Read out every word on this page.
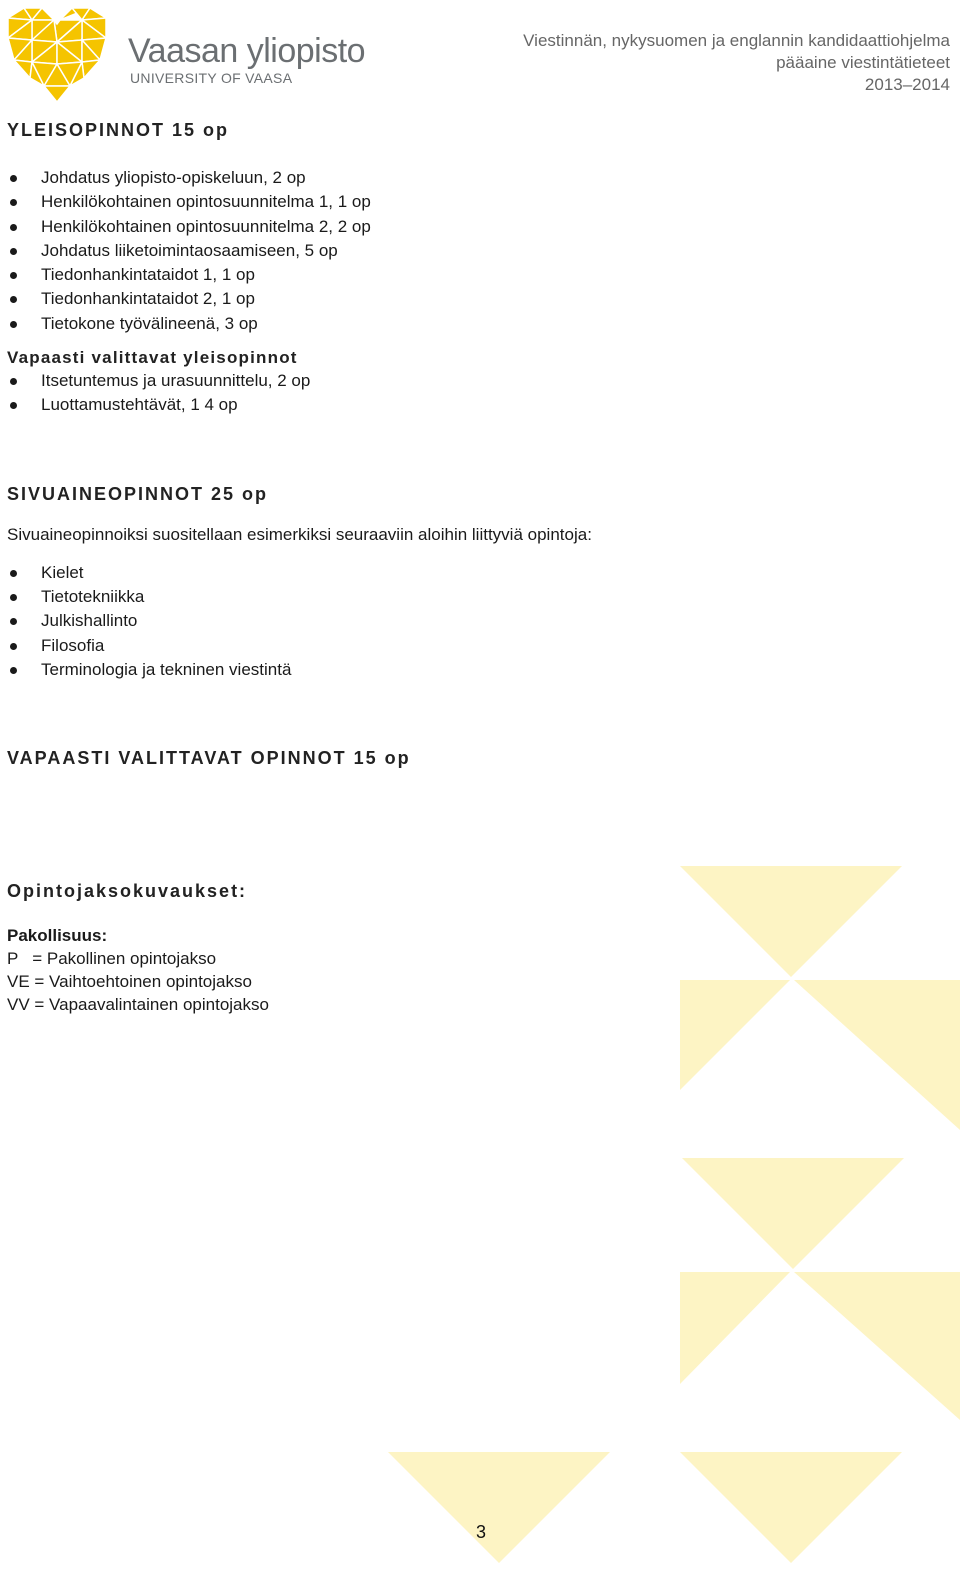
Vaasan yliopisto
UNIVERSITY OF VAASA
Viestinnän, nykysuomen ja englannin kandidaattiohjelma
pääaine viestintätieteet
2013–2014
YLEISOPINNOT 15 op
Johdatus yliopisto-opiskeluun, 2 op
Henkilökohtainen opintosuunnitelma 1, 1 op
Henkilökohtainen opintosuunnitelma 2, 2 op
Johdatus liiketoimintaosaamiseen, 5 op
Tiedonhankintataidot 1, 1 op
Tiedonhankintataidot 2, 1 op
Tietokone työvälineenä, 3 op
Vapaasti valittavat yleisopinnot
Itsetuntemus ja urasuunnittelu, 2 op
Luottamustehtävät, 1 4 op
SIVUAINEOPINNOT 25 op

Sivuaineopinnoiksi suositellaan esimerkiksi seuraaviin aloihin liittyviä opintoja:

Kielet
Tietotekniikka
Julkishallinto
Filosofia
Terminologia ja tekninen viestintä
VAPAASTI VALITTAVAT OPINNOT 15 op
Opintojaksokuvaukset:

Pakollisuus:

P   = Pakollinen opintojakso

VE = Vaihtoehtoinen opintojakso

VV = Vapaavalintainen opintojakso

3
